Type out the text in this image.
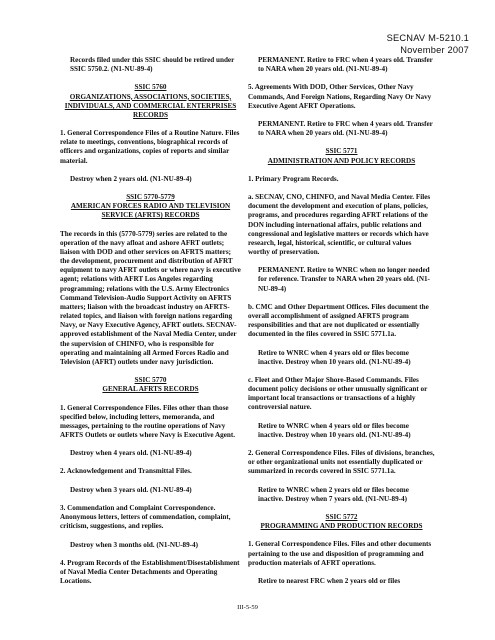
SECNAV M-5210.1
November 2007

Records filed under this SSIC should be retired under SSIC 5750.2. (N1-NU-89-4)

SSIC 5760
ORGANIZATIONS, ASSOCIATIONS, SOCIETIES, INDIVIDUALS, AND COMMERCIAL ENTERPRISES RECORDS

1. General Correspondence Files of a Routine Nature. Files relate to meetings, conventions, biographical records of officers and organizations, copies of reports and similar material.

Destroy when 2 years old. (N1-NU-89-4)

SSIC 5770-5779
AMERICAN FORCES RADIO AND TELEVISION SERVICE (AFRTS) RECORDS

The records in this (5770-5779) series are related to the operation of the navy afloat and ashore AFRT outlets; liaison with DOD and other services on AFRTS matters; the development, procurement and distribution of AFRT equipment to navy AFRT outlets or where navy is executive agent; relations with AFRT Los Angeles regarding programming; relations with the U.S. Army Electronics Command Television-Audio Support Activity on AFRTS matters; liaison with the broadcast industry on AFRTS-related topics, and liaison with foreign nations regarding Navy, or Navy Executive Agency, AFRT outlets. SECNAV-approved establishment of the Naval Media Center, under the supervision of CHINFO, who is responsible for operating and maintaining all Armed Forces Radio and Television (AFRT) outlets under navy jurisdiction.

SSIC 5770
GENERAL AFRTS RECORDS

1. General Correspondence Files. Files other than those specified below, including letters, memoranda, and messages, pertaining to the routine operations of Navy AFRTS Outlets or outlets where Navy is Executive Agent.

Destroy when 4 years old. (N1-NU-89-4)

2. Acknowledgement and Transmittal Files.

Destroy when 3 years old. (N1-NU-89-4)

3. Commendation and Complaint Correspondence. Anonymous letters, letters of commendation, complaint, criticism, suggestions, and replies.

Destroy when 3 months old. (N1-NU-89-4)

4. Program Records of the Establishment/Disestablishment of Naval Media Center Detachments and Operating Locations.

PERMANENT. Retire to FRC when 4 years old. Transfer to NARA when 20 years old. (N1-NU-89-4)

5. Agreements With DOD, Other Services, Other Navy Commands, And Foreign Nations, Regarding Navy Or Navy Executive Agent AFRT Operations.

PERMANENT. Retire to FRC when 4 years old. Transfer to NARA when 20 years old. (N1-NU-89-4)

SSIC 5771
ADMINISTRATION AND POLICY RECORDS

1. Primary Program Records.

a. SECNAV, CNO, CHINFO, and Naval Media Center. Files document the development and execution of plans, policies, programs, and procedures regarding AFRT relations of the DON including international affairs, public relations and congressional and legislative matters or records which have research, legal, historical, scientific, or cultural values worthy of preservation.

PERMANENT. Retire to WNRC when no longer needed for reference. Transfer to NARA when 20 years old. (N1-NU-89-4)

b. CMC and Other Department Offices. Files document the overall accomplishment of assigned AFRTS program responsibilities and that are not duplicated or essentially documented in the files covered in SSIC 5771.1a.

Retire to WNRC when 4 years old or files become inactive. Destroy when 10 years old. (N1-NU-89-4)

c. Fleet and Other Major Shore-Based Commands. Files document policy decisions or other unusually significant or important local transactions or transactions of a highly controversial nature.

Retire to WNRC when 4 years old or files become inactive. Destroy when 10 years old. (N1-NU-89-4)

2. General Correspondence Files. Files of divisions, branches, or other organizational units not essentially duplicated or summarized in records covered in SSIC 5771.1a.

Retire to WNRC when 2 years old or files become inactive. Destroy when 7 years old. (N1-NU-89-4)

SSIC 5772
PROGRAMMING AND PRODUCTION RECORDS

1. General Correspondence Files. Files and other documents pertaining to the use and disposition of programming and production materials of AFRT operations.

Retire to nearest FRC when 2 years old or files

III-5-59
